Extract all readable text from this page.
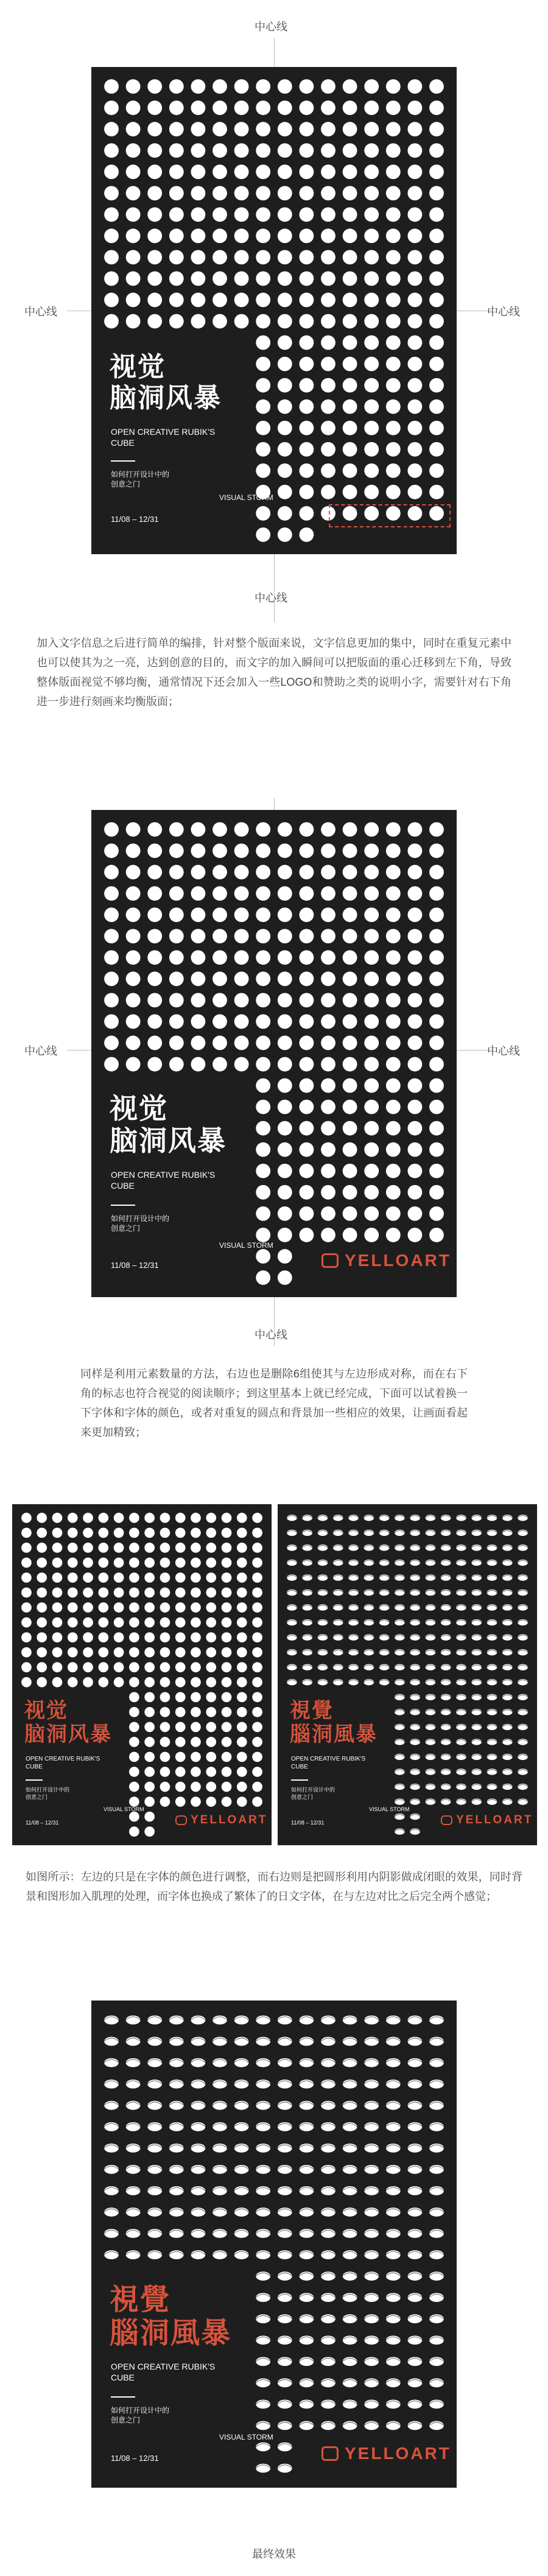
中心线
中心线	中心线
中心线
视觉
脑洞风暴
OPEN CREATIVE RUBIK'S
CUBE
如何打开设计中的
创意之门
VISUAL STORM
11/08 – 12/31
加入文字信息之后进行简单的编排，针对整个版面来说，文字信息更加的集中，同时在重复元素中也可以使其为之一亮，达到创意的目的，而文字的加入瞬间可以把版面的重心迁移到左下角，导致整体版面视觉不够均衡，通常情况下还会加入一些LOGO和赞助之类的说明小字，需要针对右下角进一步进行刻画来均衡版面；
中心线	中心线
中心线
视觉
脑洞风暴
OPEN CREATIVE RUBIK'S
CUBE
如何打开设计中的
创意之门
VISUAL STORM
11/08 – 12/31	YELLOART
同样是利用元素数量的方法，右边也是删除6组使其与左边形成对称，而在右下角的标志也符合视觉的阅读顺序；到这里基本上就已经完成，下面可以试着换一下字体和字体的颜色，或者对重复的圆点和背景加一些相应的效果，让画面看起来更加精致；
视觉
脑洞风暴
OPEN CREATIVE RUBIK'S
CUBE
如何打开设计中的
创意之门
VISUAL STORM
11/08 – 12/31	YELLOART
視覺
腦洞風暴
OPEN CREATIVE RUBIK'S
CUBE
如何打开设计中的
创意之门
VISUAL STORM
11/08 – 12/31	YELLOART
如图所示：左边的只是在字体的颜色进行调整，而右边则是把圆形利用内阴影做成闭眼的效果，同时背景和图形加入肌理的处理，而字体也换成了繁体了的日文字体，在与左边对比之后完全两个感觉；
視覺
腦洞風暴
OPEN CREATIVE RUBIK'S
CUBE
如何打开设计中的
创意之门
VISUAL STORM
11/08 – 12/31	YELLOART
最终效果
